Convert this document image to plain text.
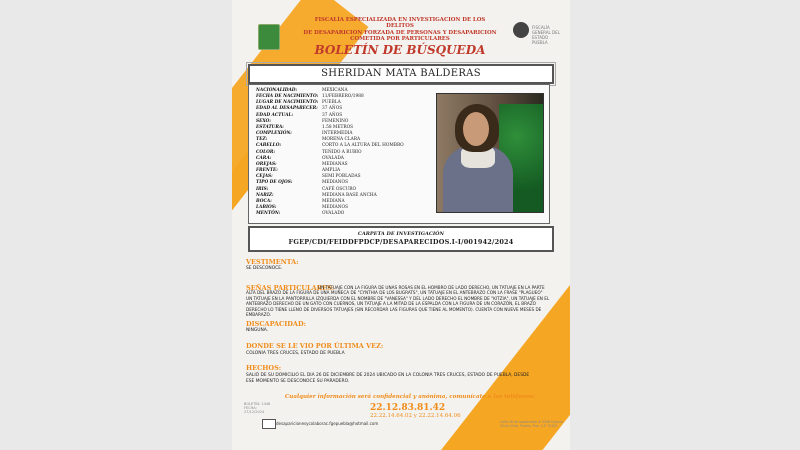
FISCALÍA ESPECIALIZADA EN INVESTIGACION DE LOS DELITOS
DE DESAPARICION FORZADA DE PERSONAS Y DESAPARICION
COMETIDA POR PARTICULARES
BOLETÍN DE BÚSQUEDA
FISCALÍA GENERAL DEL ESTADO PUEBLA
SHERIDAN MATA BALDERAS
NACIONALIDAD:	MEXICANA
FECHA DE NACIMIENTO: 11/FEBRERO/1988
LUGAR DE NACIMIENTO: PUEBLA
EDAD AL DESAPARECER: 37 AÑOS
EDAD ACTUAL:	37 AÑOS
SEXO:	FEMENINO
ESTATURA:	1.58 METROS
COMPLEXIÓN:	INTERMEDIA
TEZ:	MORENA CLARA
CABELLO:	CORTO A LA ALTURA DEL HOMBRO
COLOR:	TEÑIDO A RUBIO
CARA:	OVALADA
OREJAS:	MEDIANAS
FRENTE:	AMPLIA
CEJAS:	SEMI POBLADAS
TIPO DE OJOS:	MEDIANOS
IRIS:	CAFÉ OSCURO
NARIZ:	MEDIANA BASE ANCHA
BOCA:	MEDIANA
LABIOS:	MEDIANOS
MENTÓN:	OVALADO
CARPETA DE INVESTIGACIÓN
FGEP/CDI/FEIDDFPDCP/DESAPARECIDOS.I-I/001942/2024
VESTIMENTA:
SE DESCONOCE.
SEÑAS PARTICULARES:
UN TATUAJE CON LA FIGURA DE UNAS ROSAS EN EL HOMBRO DE LADO DERECHO, UN TATUAJE EN LA PARTE ALTA DEL BRAZO DE LA FIGURA DE UNA MUÑECA DE "CYNTHIA DE LOS BUGRATS", UN TATUAJE EN EL ANTEBRAZO CON LA FRASE "PLAGUEO" UN TATUAJE EN LA PANTORRILLA IZQUIERDA CON EL NOMBRE DE "VANESSA" Y DEL LADO DERECHO EL NOMBRE DE "KITZIA", UN TATUAJE EN EL ANTEBRAZO DERECHO DE UN GATO CON CUERNOS, UN TATUAJE A LA MITAD DE LA ESPALDA CON LA FIGURA DE UN CORAZÓN, EL BRAZO DERECHO LO TIENE LLENO DE DIVERSOS TATUAJES (SIN RECORDAR LAS FIGURAS QUE TIENE AL MOMENTO). CUENTA CON NUEVE MESES DE EMBARAZO.
DISCAPACIDAD:
NINGUNA.
DONDE SE LE VIO POR ÚLTIMA VEZ:
COLONIA TRES CRUCES, ESTADO DE PUEBLA
HECHOS:
SALIÓ DE SU DOMICILIO EL DIA 26 DE DICIEMBRE DE 2024 UBICADO EN LA COLONIA TRES CRUCES, ESTADO DE PUEBLA, DESDE ESE MOMENTO SE DESCONOCE SU PARADERO.
BOLETÍN: 1446 FECHA: 27/12/2024
Cualquier información será confidencial y anónima, comunícate a los teléfonos:
22.12.83.81.42
22.22.14.64.02 y 22.22.14.64.06
desaparicionesycolaborac.fgepuebla@hotmail.com	Calle 36 de septiembre # 3306 Colonia Chula Vista, Puebla, Pue. C.P. 72420
